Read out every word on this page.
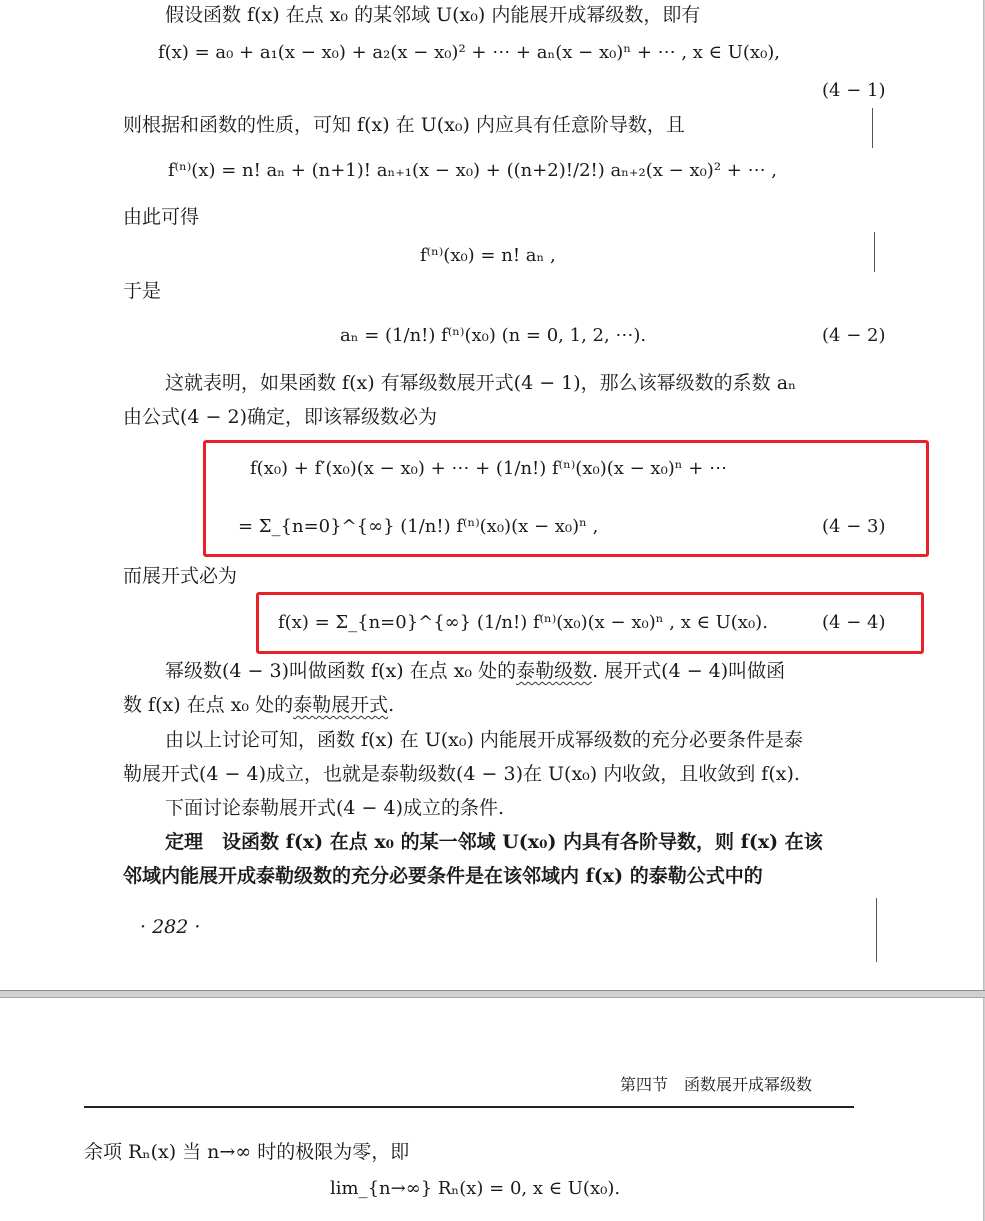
假设函数 f(x) 在点 x₀ 的某邻域 U(x₀) 内能展开成幂级数，即有
f(x) = a₀ + a₁(x − x₀) + a₂(x − x₀)² + ⋯ + aₙ(x − x₀)ⁿ + ⋯ , x ∈ U(x₀),
(4 − 1)
则根据和函数的性质，可知 f(x) 在 U(x₀) 内应具有任意阶导数，且
f⁽ⁿ⁾(x) = n! aₙ + (n+1)! aₙ₊₁(x − x₀) + ((n+2)!/2!) aₙ₊₂(x − x₀)² + ⋯ ,
由此可得
f⁽ⁿ⁾(x₀) = n! aₙ ,
于是
aₙ = (1/n!) f⁽ⁿ⁾(x₀) (n = 0, 1, 2, ⋯).	(4 − 2)
这就表明，如果函数 f(x) 有幂级数展开式(4 − 1)，那么该幂级数的系数 aₙ
由公式(4 − 2)确定，即该幂级数必为
f(x₀) + f′(x₀)(x − x₀) + ⋯ + (1/n!) f⁽ⁿ⁾(x₀)(x − x₀)ⁿ + ⋯
= Σ_{n=0}^{∞} (1/n!) f⁽ⁿ⁾(x₀)(x − x₀)ⁿ ,	(4 − 3)
而展开式必为
f(x) = Σ_{n=0}^{∞} (1/n!) f⁽ⁿ⁾(x₀)(x − x₀)ⁿ , x ∈ U(x₀).	(4 − 4)
幂级数(4 − 3)叫做函数 f(x) 在点 x₀ 处的泰勒级数. 展开式(4 − 4)叫做函
数 f(x) 在点 x₀ 处的泰勒展开式.
由以上讨论可知，函数 f(x) 在 U(x₀) 内能展开成幂级数的充分必要条件是泰
勒展开式(4 − 4)成立，也就是泰勒级数(4 − 3)在 U(x₀) 内收敛，且收敛到 f(x).
下面讨论泰勒展开式(4 − 4)成立的条件.
定理　 设函数 f(x) 在点 x₀ 的某一邻域 U(x₀) 内具有各阶导数，则 f(x) 在该
邻域内能展开成泰勒级数的充分必要条件是在该邻域内 f(x) 的泰勒公式中的
· 282 ·
第四节　函数展开成幂级数
余项 Rₙ(x) 当 n→∞ 时的极限为零，即
lim_{n→∞} Rₙ(x) = 0, x ∈ U(x₀).
